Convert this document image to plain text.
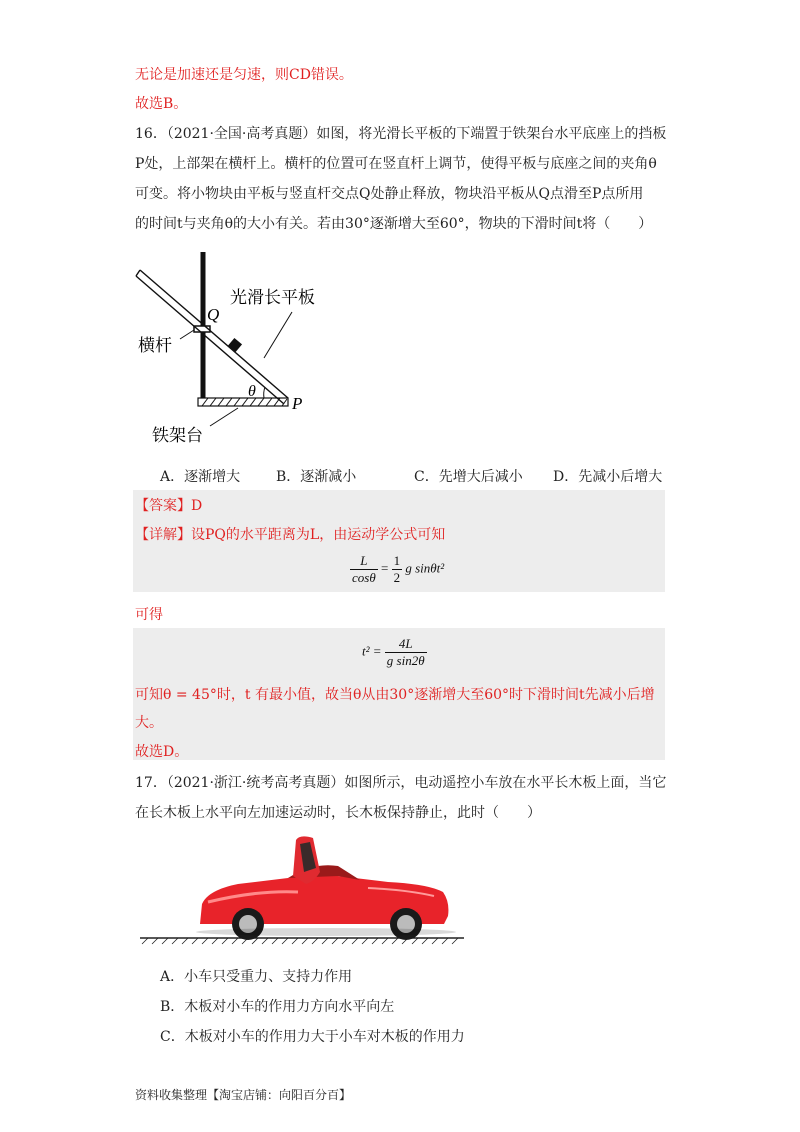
无论是加速还是匀速，则CD错误。
故选B。
16．（2021·全国·高考真题）如图，将光滑长平板的下端置于铁架台水平底座上的挡板
P处，上部架在横杆上。横杆的位置可在竖直杆上调节，使得平板与底座之间的夹角θ
可变。将小物块由平板与竖直杆交点Q处静止释放，物块沿平板从Q点滑至P点所用
的时间t与夹角θ的大小有关。若由30°逐渐增大至60°，物块的下滑时间t将（　　）
光滑长平板
横杆
铁架台
Q
P
θ
A．逐渐增大	B．逐渐减小	C．先增大后减小 D．先减小后增大
【答案】D
【详解】设PQ的水平距离为L，由运动学公式可知
$\frac{L}{\cos\theta} = \frac{1}{2}$ g sinθt²
可得
$t^2 = \frac{4L}{\text{g sin2θ}}$
可知θ = 45°时，t 有最小值，故当θ从由30°逐渐增大至60°时下滑时间t先减小后增
大。
故选D。
17．（2021·浙江·统考高考真题）如图所示，电动遥控小车放在水平长木板上面，当它
在长木板上水平向左加速运动时，长木板保持静止，此时（　　）
A．小车只受重力、支持力作用
B．木板对小车的作用力方向水平向左
C．木板对小车的作用力大于小车对木板的作用力
资料收集整理【淘宝店铺：向阳百分百】
